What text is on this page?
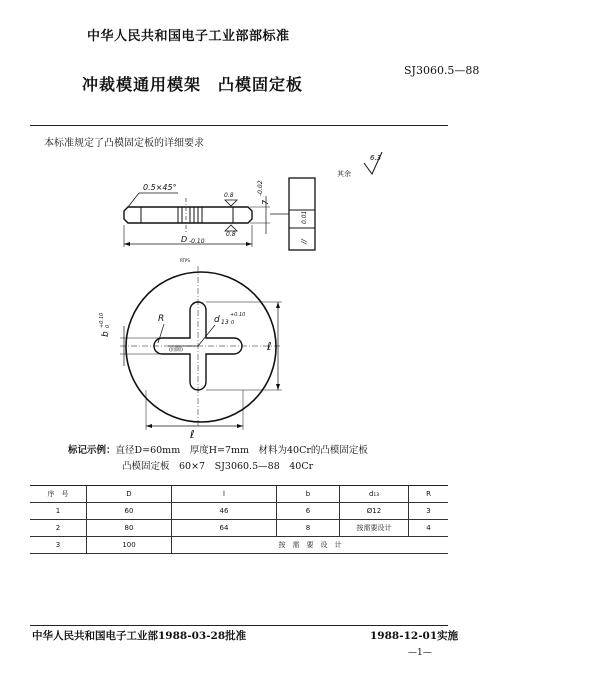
中华人民共和国电子工业部部标准
冲裁模通用模架　凸模固定板
SJ3060.5—88
本标准规定了凸模固定板的详细要求
其余
6.3
0.5×45°
0.8
0.8
7
-0.02
D -0.10	//
0.01
RTPS
R
(间隙)
d 13
+0.10
0
b
+0.10 0
ℓ
ℓ
标记示例：直径D=60mm　厚度H=7mm　材料为40Cr的凸模固定板
凸模固定板　60×7　SJ3060.5—88　40Cr
序　号	D	l	b	d₁₃	R
1	60	46	6	Ø12	3
2	80	64	8	按需要设计	4
3	100	按　需　要　设　计			
中华人民共和国电子工业部1988-03-28批准	1988-12-01实施
—1—
